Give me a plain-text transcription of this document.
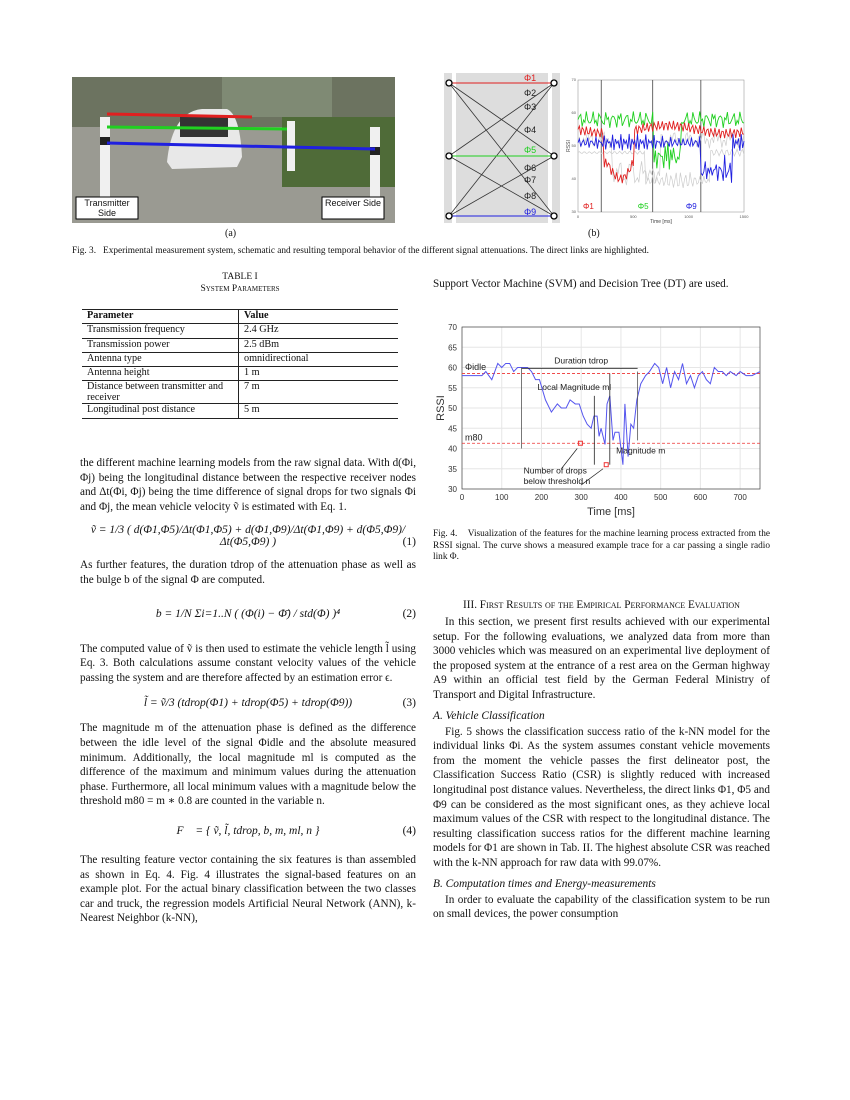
Transmitter Side
Receiver Side
(a)
Φ1
Φ2
Φ3
Φ4
Φ5
Φ6
Φ7
Φ8
Φ9
Φ1	Φ5	Φ9
0	500	1000	1500
70
60
50
40
30
Time [ms]
RSSI
(b)
Fig. 3. Experimental measurement system, schematic and resulting temporal behavior of the different signal attenuations. The direct links are highlighted.
TABLE I
System Parameters
Parameter	Value
Transmission frequency	2.4 GHz
Transmission power	2.5 dBm
Antenna type	omnidirectional
Antenna height	1 m
Distance between transmitter and receiver	7 m
Longitudinal post distance	5 m
the different machine learning models from the raw signal data. With d(Φi, Φj) being the longitudinal distance between the respective receiver nodes and Δt(Φi, Φj) being the time difference of signal drops for two signals Φi and Φj, the mean vehicle velocity ṽ is estimated with Eq. 1.
ṽ = 1/3 ( d(Φ1,Φ5)/Δt(Φ1,Φ5) + d(Φ1,Φ9)/Δt(Φ1,Φ9) + d(Φ5,Φ9)/Δt(Φ5,Φ9) )	(1)
As further features, the duration tdrop of the attenuation phase as well as the bulge b of the signal Φ are computed.
b = 1/N Σi=1..N ( (Φ(i) − Φ̄) / std(Φ) )⁴	(2)
The computed value of ṽ is then used to estimate the vehicle length l̃ using Eq. 3. Both calculations assume constant velocity values of the vehicle passing the system and are therefore affected by an estimation error ϵ.
l̃ = ṽ/3 (tdrop(Φ1) + tdrop(Φ5) + tdrop(Φ9))	(3)
The magnitude m of the attenuation phase is defined as the difference between the idle level of the signal Φidle and the absolute measured minimum. Additionally, the local magnitude ml is computed as the difference of the maximum and minimum values during the attenuation phase. Furthermore, all local minimum values with a magnitude below the threshold m80 = m ∗ 0.8 are counted in the variable n.
F⃗ = { ṽ, l̃, tdrop, b, m, ml, n }	(4)
The resulting feature vector containing the six features is than assembled as shown in Eq. 4. Fig. 4 illustrates the signal-based features on an example plot. For the actual binary classification between the two classes car and truck, the regression models Artificial Neural Network (ANN), k-Nearest Neighbor (k-NN),
Support Vector Machine (SVM) and Decision Tree (DT) are used.
0	100	200	300	400	500	600	700
30
35
40
45
50
55
60
65
70
Time [ms]
RSSI
Φidle
m80
Duration tdrop
Local Magnitude ml
Magnitude m
Number of drops
below threshold n
Fig. 4. Visualization of the features for the machine learning process extracted from the RSSI signal. The curve shows a measured example trace for a car passing a single radio link Φ.
III. First Results of the Empirical Performance Evaluation
In this section, we present first results achieved with our experimental setup. For the following evaluations, we analyzed data from more than 3000 vehicles which was measured on an experimental live deployment of the proposed system at the entrance of a rest area on the German highway A9 within an official test field by the German Federal Ministry of Transport and Digital Infrastructure.
A. Vehicle Classification
Fig. 5 shows the classification success ratio of the k-NN model for the individual links Φi. As the system assumes constant vehicle movements from the moment the vehicle passes the first delineator post, the Classification Success Ratio (CSR) is slightly reduced with increased longitudinal post distance values. Nevertheless, the direct links Φ1, Φ5 and Φ9 can be considered as the most significant ones, as they achieve local maximum values of the CSR with respect to the longitudinal distance. The resulting classification success ratios for the different machine learning models for Φ1 are shown in Tab. II. The highest absolute CSR was reached with the k-NN approach for raw data with 99.07%.
B. Computation times and Energy-measurements
In order to evaluate the capability of the classification system to be run on small devices, the power consumption
